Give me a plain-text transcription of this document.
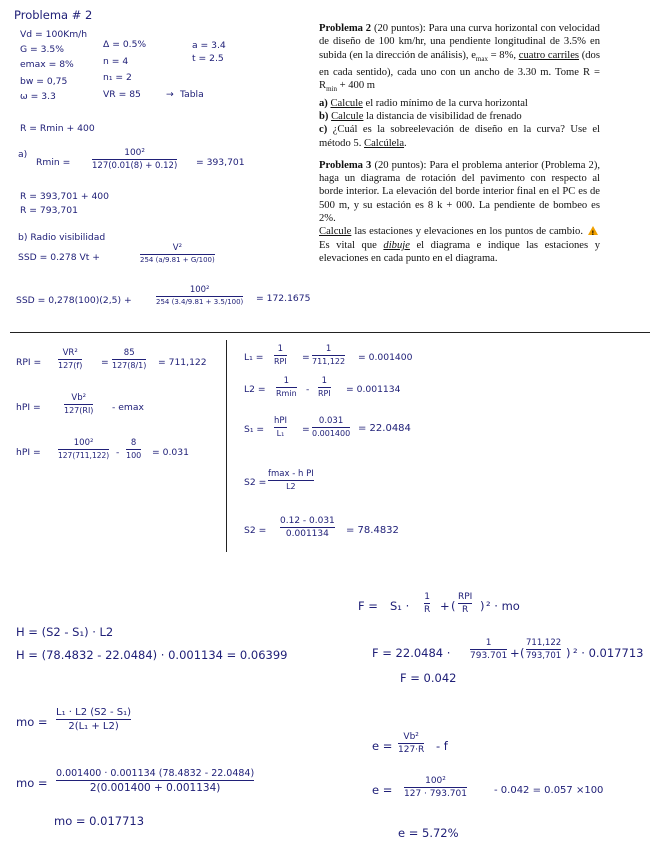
Problema # 2
Vd = 100Km/h
G = 3.5%
emax = 8%
bw = 0,75
ω = 3.3
Δ = 0.5%
n = 4
n₁ = 2
VR = 85	→ Tabla
a = 3.4
t = 2.5
R = Rmin + 400
a)
Rmin =
100²
127(0.01(8) + 0.12) = 393,701
R = 393,701 + 400
R = 793,701
b) Radio visibilidad
SSD = 0.278 Vt +
V²
254 (a/9.81 + G/100)
SSD = 0,278(100)(2,5) +
100²
254 (3.4/9.81 + 3.5/100) = 172.1675
RPI =
VR²
127(f) =
85
127(8/1) = 711,122
hPI =
Vb²
127(RI) - emax
hPI =
100²
127(711,122) -
8
100 = 0.031
L₁ =
1
RPI =
1
711,122 = 0.001400
L2 =
1
Rmin -
1
RPI = 0.001134
S₁ =
hPI
L₁ =
0.031
0.001400 = 22.0484
S2 =
fmax - h PI
L2
S2 =
0.12 - 0.031
0.001134 = 78.4832
H = (S2 - S₁) · L2
H = (78.4832 - 22.0484) · 0.001134 = 0.06399
mo =
L₁ · L2 (S2 - S₁)
2(L₁ + L2)
mo =
0.001400 · 0.001134 (78.4832 - 22.0484)
2(0.001400 + 0.001134)
mo = 0.017713
F = S₁ ·
1
R + (
RPI
R ) ² · mo
F = 22.0484 ·
1
793.701 + (
711,122
793,701 ) ² · 0.017713
F = 0.042
e =
Vb²
127·R - f
e =
100²
127 · 793.701	- 0.042 = 0.057 ×100
e = 5.72%

Problema 2 (20 puntos): Para una curva horizontal con velocidad de diseño de 100 km/hr, una pendiente longitudinal de 3.5% en subida (en la dirección de análisis), $e_{max} = 8\%$, cuatro carriles (dos en cada sentido), cada uno con un ancho de 3.30 m. Tome $R = R_{min} + 400$ m
a) Calcule el radio mínimo de la curva horizontal
b) Calcule la distancia de visibilidad de frenado
c) ¿Cuál es la sobreelevación de diseño en la curva? Use el método 5. Calcúlela.

Problema 3 (20 puntos): Para el problema anterior (Problema 2), haga un diagrama de rotación del pavimento con respecto al borde interior. La elevación del borde interior final en el PC es de 500 m, y su estación es 8 k + 000. La pendiente de bombeo es 2%.
Calcule las estaciones y elevaciones en los puntos de cambio. ! Es vital que dibuje el diagrama e indique las estaciones y elevaciones en cada punto en el diagrama.
